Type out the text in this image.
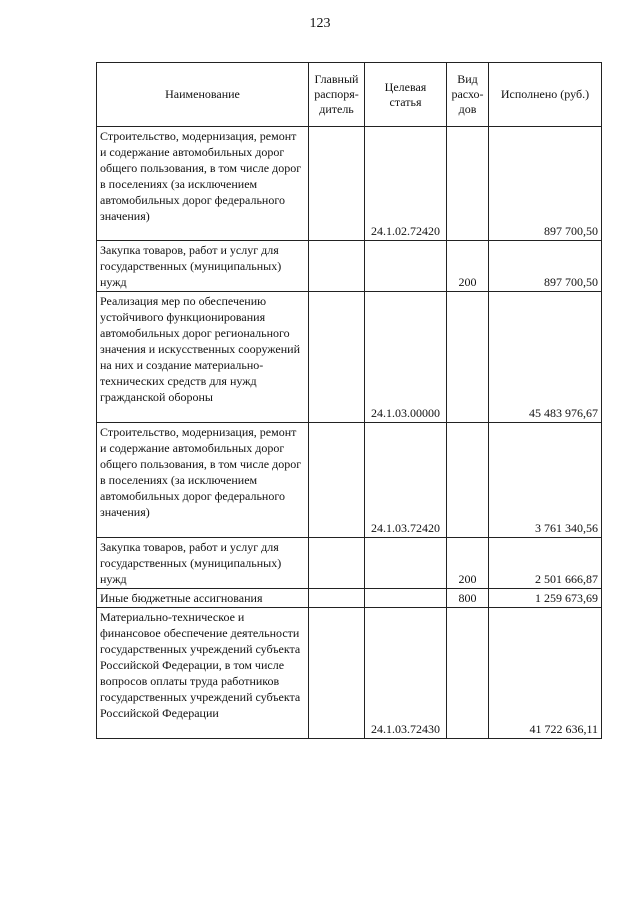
123
Наименование	Главный распоря-дитель	Целевая статья	Вид расхо-дов	Исполнено (руб.)
Строительство, модернизация, ремонт и содержание автомобильных дорог общего пользования, в том числе дорог в поселениях (за исключением автомобильных дорог федерального значения)		24.1.02.72420		897 700,50
Закупка товаров, работ и услуг для государственных (муниципальных) нужд			200	897 700,50
Реализация мер по обеспечению устойчивого функционирования автомобильных дорог регионального значения и искусственных сооружений на них и создание материально-технических средств для нужд гражданской обороны		24.1.03.00000		45 483 976,67
Строительство, модернизация, ремонт и содержание автомобильных дорог общего пользования, в том числе дорог в поселениях (за исключением автомобильных дорог федерального значения)		24.1.03.72420		3 761 340,56
Закупка товаров, работ и услуг для государственных (муниципальных) нужд			200	2 501 666,87
Иные бюджетные ассигнования			800	1 259 673,69
Материально-техническое и финансовое обеспечение деятельности государственных учреждений субъекта Российской Федерации, в том числе вопросов оплаты труда работников государственных учреждений субъекта Российской Федерации		24.1.03.72430		41 722 636,11
